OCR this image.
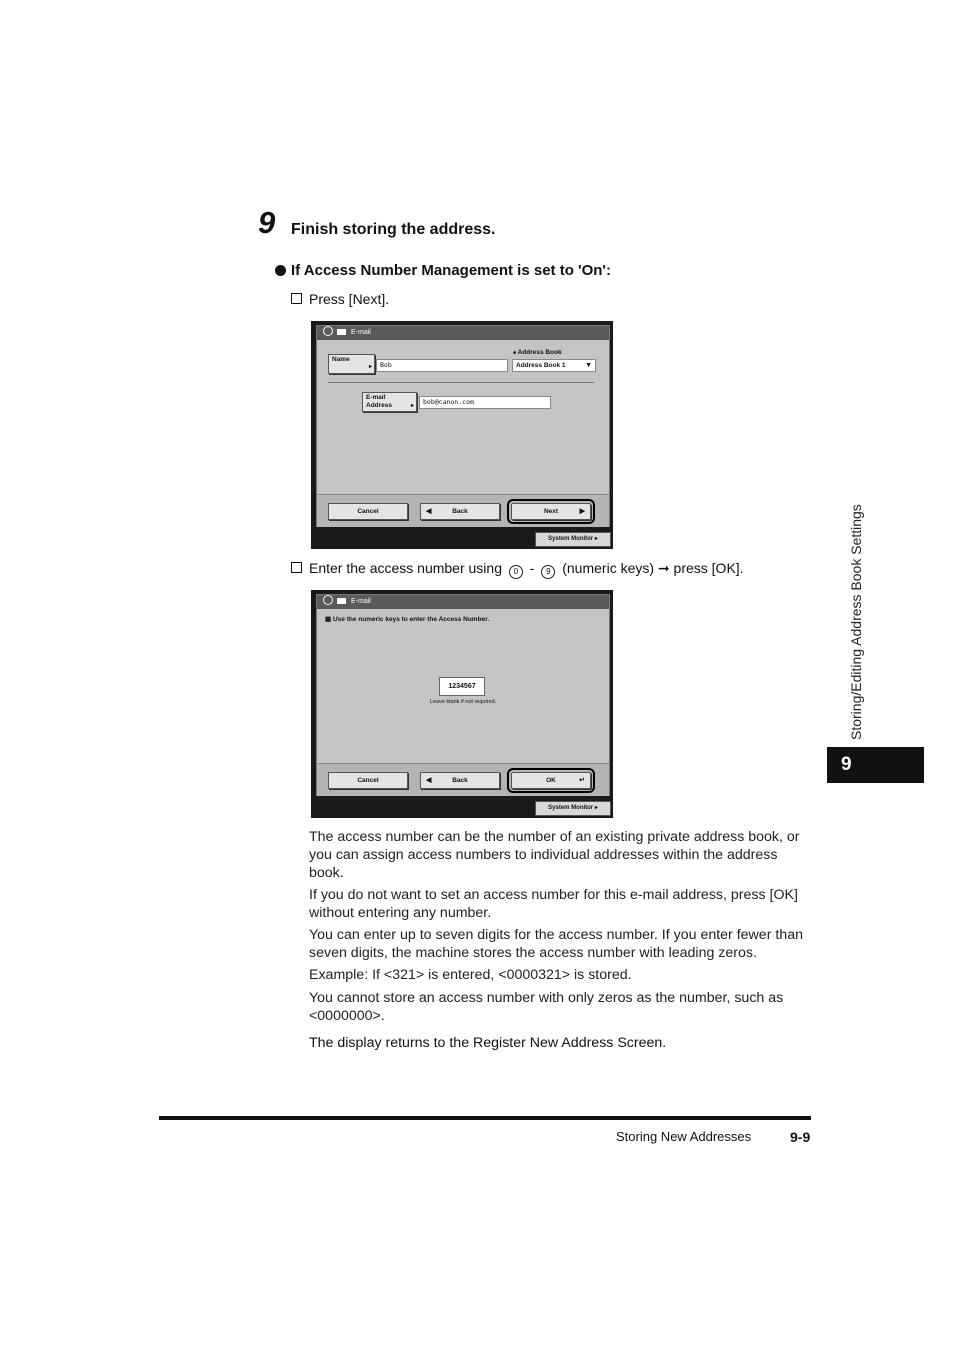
9 Finish storing the address.
If Access Number Management is set to 'On':
Press [Next].
E-mail
Name
▸	Bob
■ Address Book
Address Book 1	▼
E-mail Address	▸	bob@canon.com
Cancel	◀	Back	Next	▶
System Monitor ▸
Enter the access number using 0 - 9 (numeric keys) ➞ press [OK].
E-mail
▦ Use the numeric keys to enter the Access Number.
1234567
Leave blank if not required.
Cancel	◀	Back	OK	↵
System Monitor ▸
The access number can be the number of an existing private address book, or you can assign access numbers to individual addresses within the address book.
If you do not want to set an access number for this e-mail address, press [OK] without entering any number.
You can enter up to seven digits for the access number. If you enter fewer than seven digits, the machine stores the access number with leading zeros.
Example: If <321> is entered, <0000321> is stored.
You cannot store an access number with only zeros as the number, such as <0000000>.
The display returns to the Register New Address Screen.
Storing/Editing Address Book Settings
9
Storing New Addresses	9-9
